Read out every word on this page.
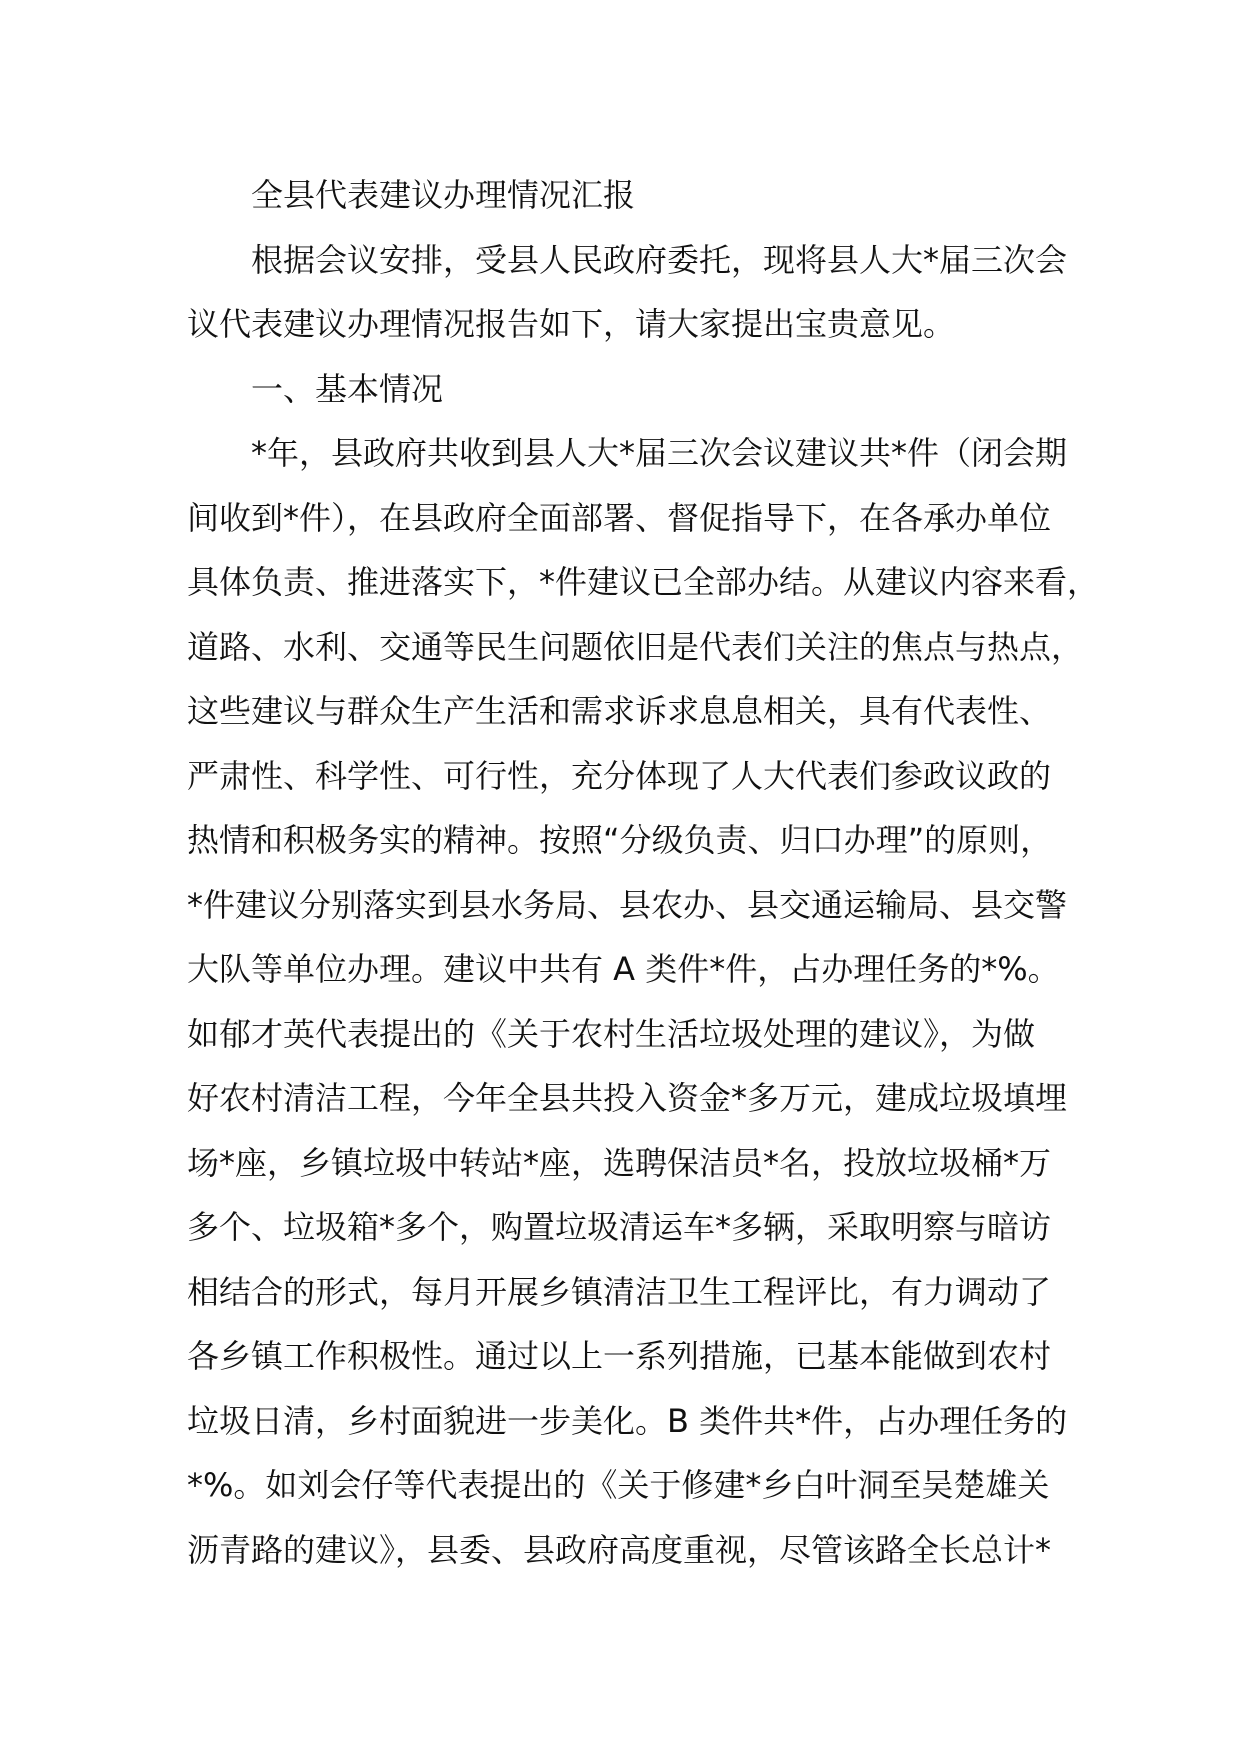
全县代表建议办理情况汇报
根据会议安排，受县人民政府委托，现将县人大*届三次会
议代表建议办理情况报告如下，请大家提出宝贵意见。
一、基本情况
*年，县政府共收到县人大*届三次会议建议共*件（闭会期
间收到*件），在县政府全面部署、督促指导下，在各承办单位
具体负责、推进落实下，*件建议已全部办结。从建议内容来看，
道路、水利、交通等民生问题依旧是代表们关注的焦点与热点，
这些建议与群众生产生活和需求诉求息息相关，具有代表性、
严肃性、科学性、可行性，充分体现了人大代表们参政议政的
热情和积极务实的精神。按照“分级负责、归口办理”的原则，
*件建议分别落实到县水务局、县农办、县交通运输局、县交警
大队等单位办理。建议中共有 A 类件*件，占办理任务的*%。
如郁才英代表提出的《关于农村生活垃圾处理的建议》，为做
好农村清洁工程，今年全县共投入资金*多万元，建成垃圾填埋
场*座，乡镇垃圾中转站*座，选聘保洁员*名，投放垃圾桶*万
多个、垃圾箱*多个，购置垃圾清运车*多辆，采取明察与暗访
相结合的形式，每月开展乡镇清洁卫生工程评比，有力调动了
各乡镇工作积极性。通过以上一系列措施，已基本能做到农村
垃圾日清，乡村面貌进一步美化。B 类件共*件，占办理任务的
*%。如刘会仔等代表提出的《关于修建*乡白叶洞至吴楚雄关
沥青路的建议》，县委、县政府高度重视，尽管该路全长总计*
